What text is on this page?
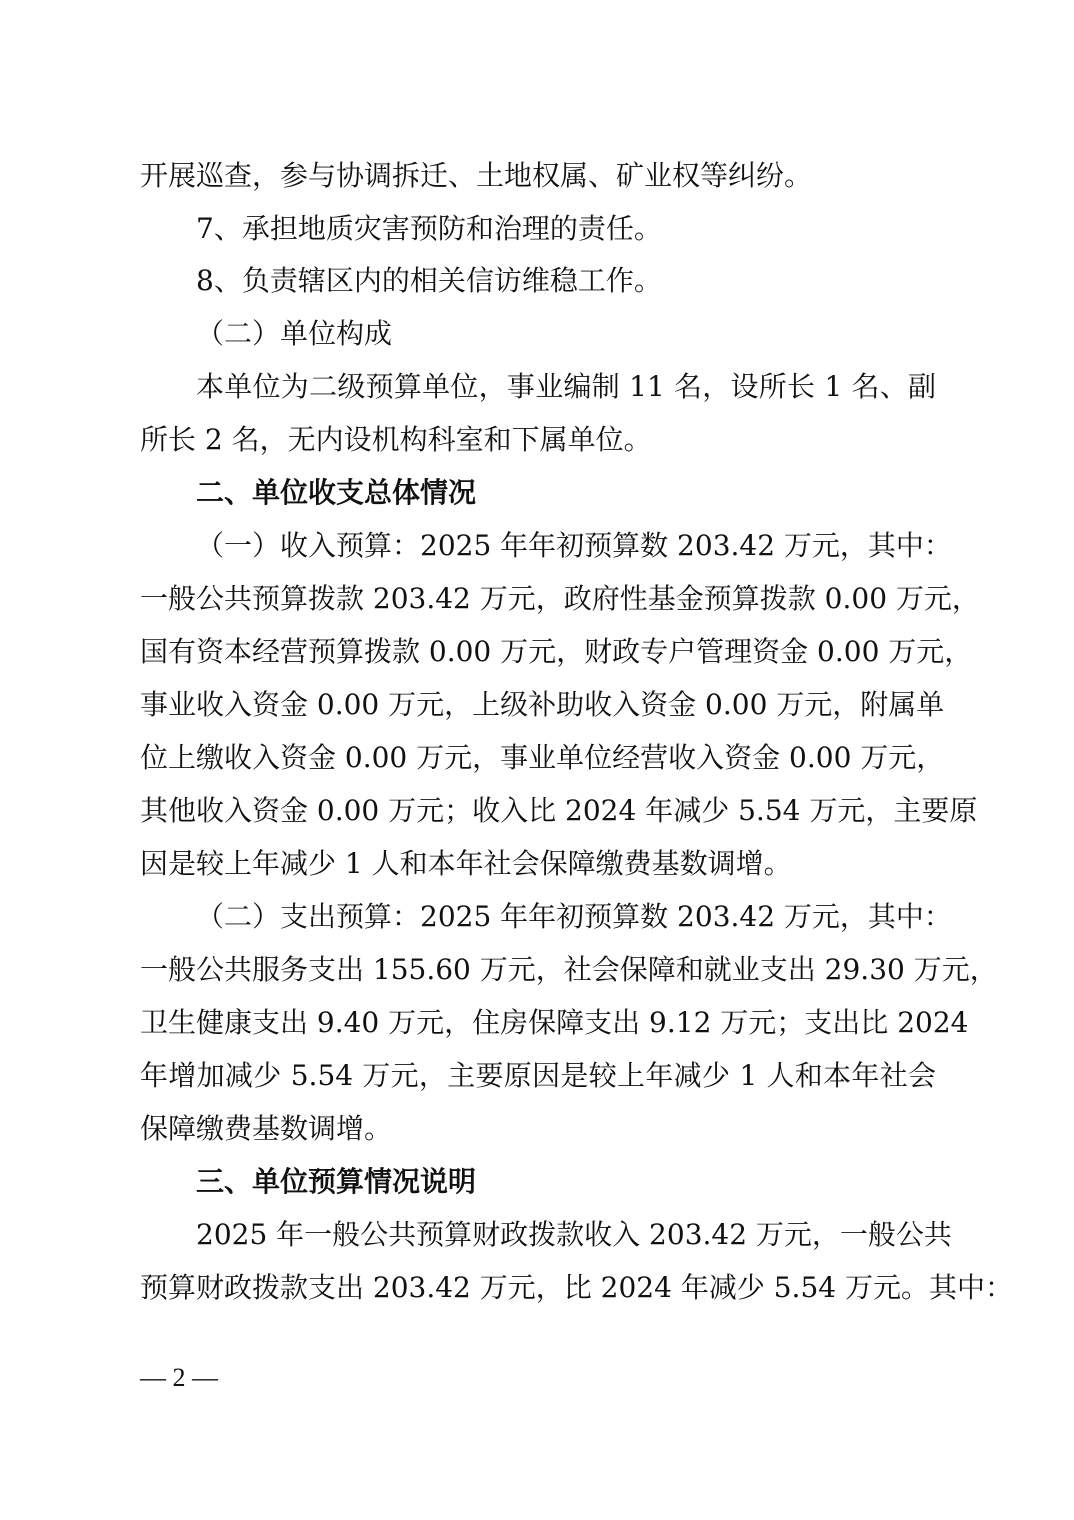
开展巡查，参与协调拆迁、土地权属、矿业权等纠纷。
7、承担地质灾害预防和治理的责任。
8、负责辖区内的相关信访维稳工作。
（二）单位构成
本单位为二级预算单位，事业编制 11 名，设所长 1 名、副
所长 2 名，无内设机构科室和下属单位。
二、单位收支总体情况
（一）收入预算：2025 年年初预算数 203.42 万元，其中：
一般公共预算拨款 203.42 万元，政府性基金预算拨款 0.00 万元，
国有资本经营预算拨款 0.00 万元，财政专户管理资金 0.00 万元，
事业收入资金 0.00 万元，上级补助收入资金 0.00 万元，附属单
位上缴收入资金 0.00 万元，事业单位经营收入资金 0.00 万元，
其他收入资金 0.00 万元；收入比 2024 年减少 5.54 万元，主要原
因是较上年减少 1 人和本年社会保障缴费基数调增。
（二）支出预算：2025 年年初预算数 203.42 万元，其中：
一般公共服务支出 155.60 万元，社会保障和就业支出 29.30 万元，
卫生健康支出 9.40 万元，住房保障支出 9.12 万元；支出比 2024
年增加减少 5.54 万元，主要原因是较上年减少 1 人和本年社会
保障缴费基数调增。
三、单位预算情况说明
2025 年一般公共预算财政拨款收入 203.42 万元，一般公共
预算财政拨款支出 203.42 万元，比 2024 年减少 5.54 万元。其中：
— 2 —
